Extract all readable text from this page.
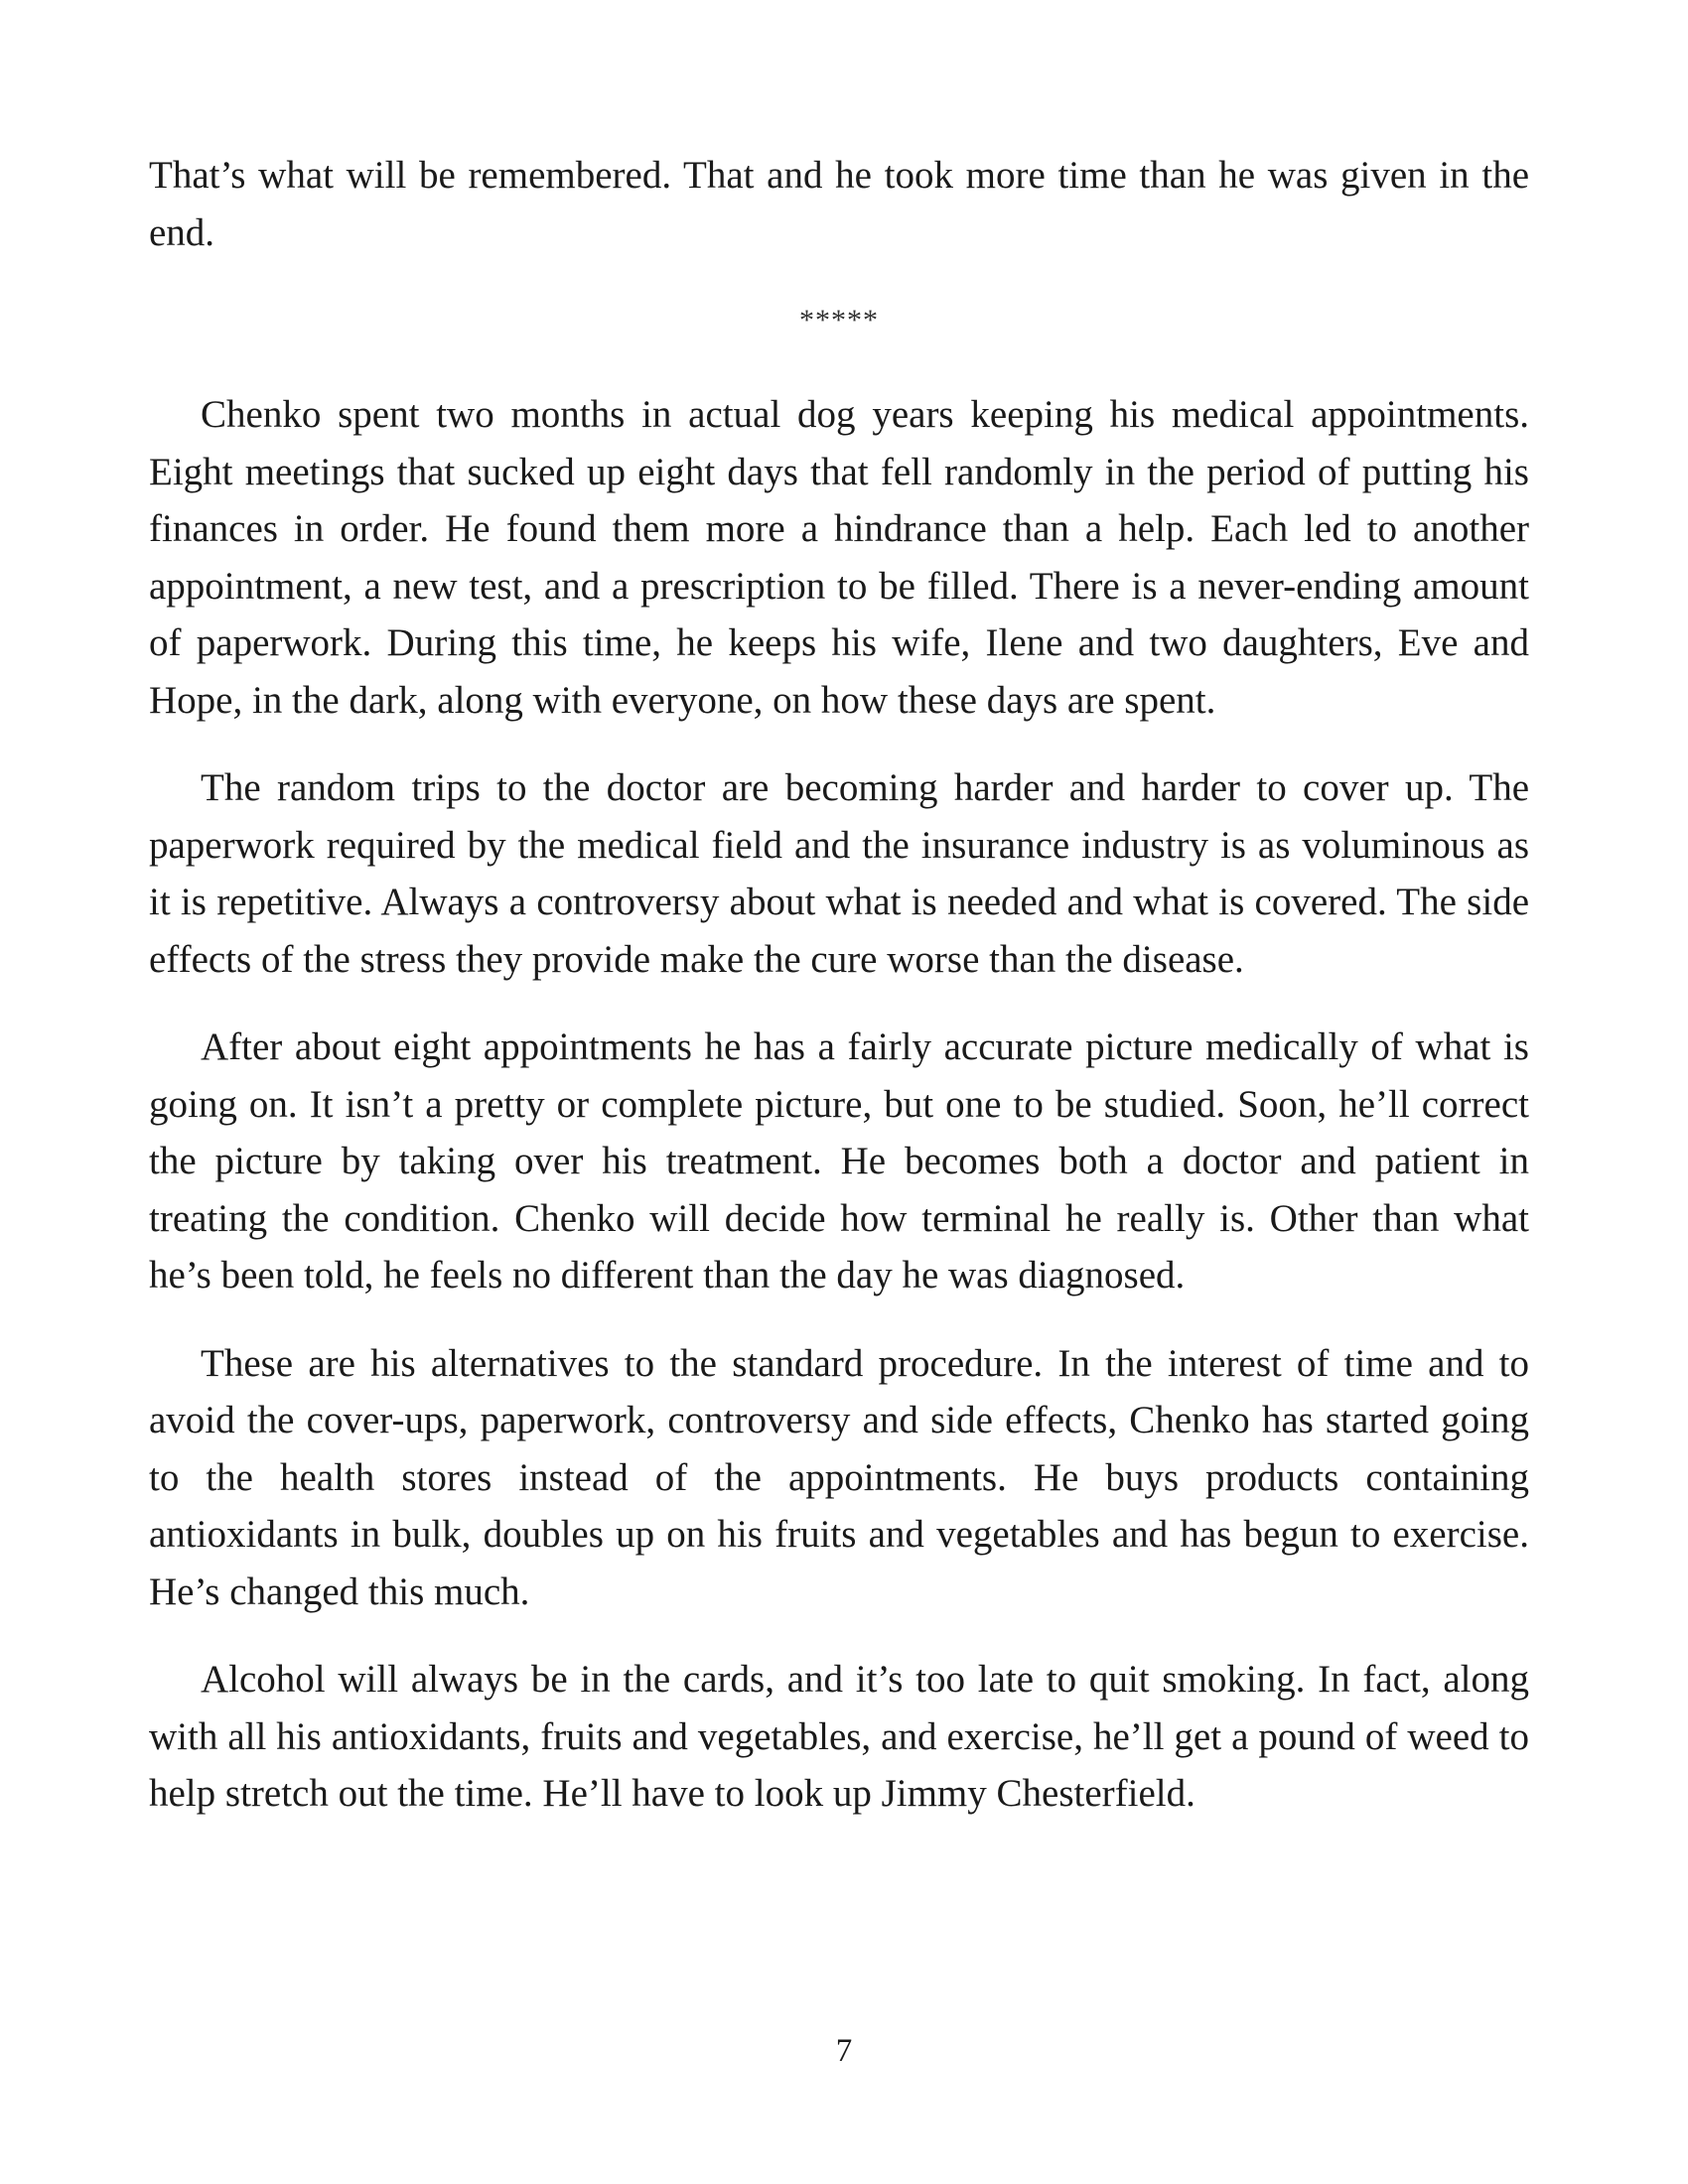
That’s what will be remembered. That and he took more time than he was given in the end.

*****

Chenko spent two months in actual dog years keeping his medical appointments. Eight meetings that sucked up eight days that fell randomly in the period of putting his finances in order. He found them more a hindrance than a help. Each led to another appointment, a new test, and a prescription to be filled. There is a never-ending amount of paperwork. During this time, he keeps his wife, Ilene and two daughters, Eve and Hope, in the dark, along with everyone, on how these days are spent.

The random trips to the doctor are becoming harder and harder to cover up. The paperwork required by the medical field and the insurance industry is as voluminous as it is repetitive. Always a controversy about what is needed and what is covered. The side effects of the stress they provide make the cure worse than the disease.

After about eight appointments he has a fairly accurate picture medically of what is going on. It isn’t a pretty or complete picture, but one to be studied. Soon, he’ll correct the picture by taking over his treatment. He becomes both a doctor and patient in treating the condition. Chenko will decide how terminal he really is. Other than what he’s been told, he feels no different than the day he was diagnosed.

These are his alternatives to the standard procedure. In the interest of time and to avoid the cover-ups, paperwork, controversy and side effects, Chenko has started going to the health stores instead of the appointments. He buys products containing antioxidants in bulk, doubles up on his fruits and vegetables and has begun to exercise. He’s changed this much.

Alcohol will always be in the cards, and it’s too late to quit smoking. In fact, along with all his antioxidants, fruits and vegetables, and exercise, he’ll get a pound of weed to help stretch out the time. He’ll have to look up Jimmy Chesterfield.

7
